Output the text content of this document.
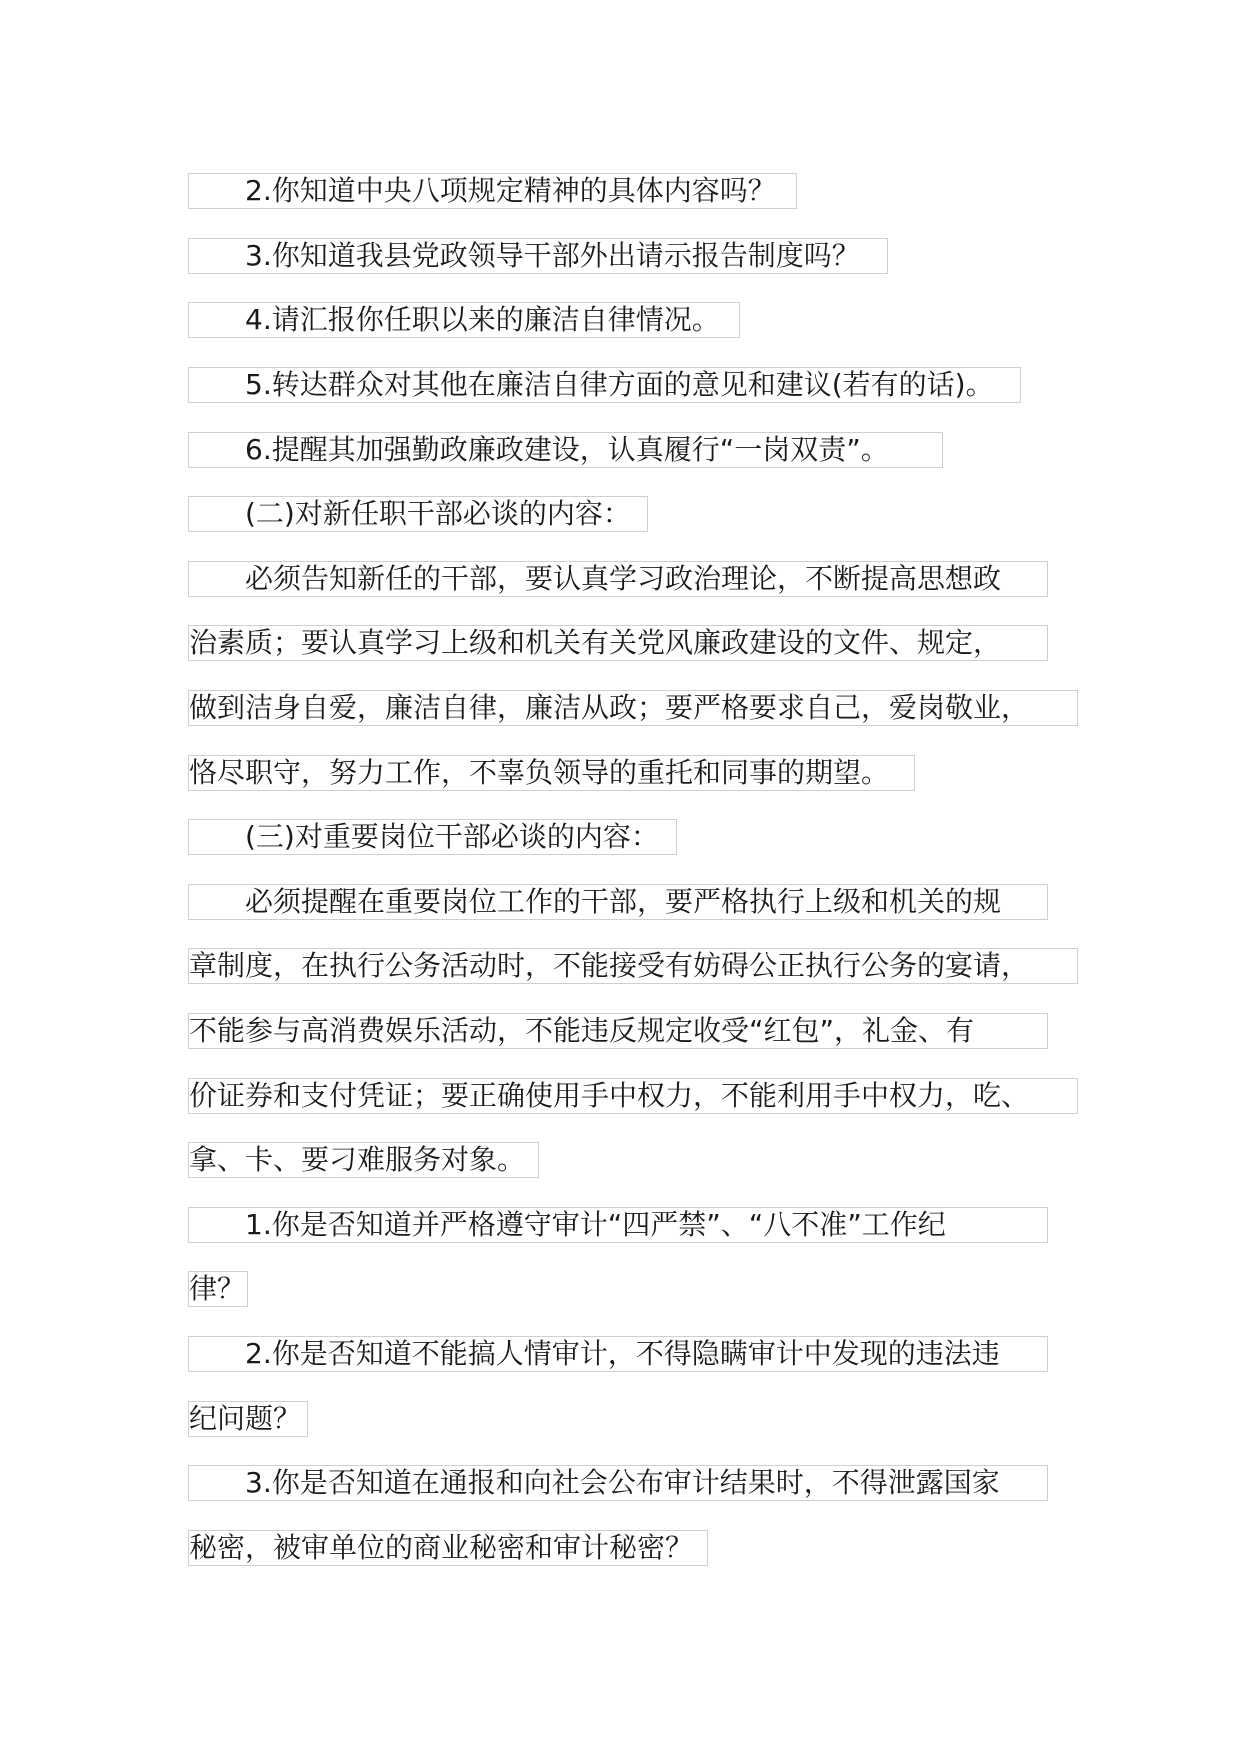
　　2.你知道中央八项规定精神的具体内容吗？
　　3.你知道我县党政领导干部外出请示报告制度吗？
　　4.请汇报你任职以来的廉洁自律情况。
　　5.转达群众对其他在廉洁自律方面的意见和建议(若有的话)。
　　6.提醒其加强勤政廉政建设，认真履行“一岗双责”。
　　(二)对新任职干部必谈的内容：
　　必须告知新任的干部，要认真学习政治理论，不断提高思想政
治素质；要认真学习上级和机关有关党风廉政建设的文件、规定，
做到洁身自爱，廉洁自律，廉洁从政；要严格要求自己，爱岗敬业，
恪尽职守，努力工作，不辜负领导的重托和同事的期望。
　　(三)对重要岗位干部必谈的内容：
　　必须提醒在重要岗位工作的干部，要严格执行上级和机关的规
章制度，在执行公务活动时，不能接受有妨碍公正执行公务的宴请，
不能参与高消费娱乐活动，不能违反规定收受“红包”，礼金、有
价证券和支付凭证；要正确使用手中权力，不能利用手中权力，吃、
拿、卡、要刁难服务对象。
　　1.你是否知道并严格遵守审计“四严禁”、“八不准”工作纪
律？
　　2.你是否知道不能搞人情审计，不得隐瞒审计中发现的违法违
纪问题？
　　3.你是否知道在通报和向社会公布审计结果时，不得泄露国家
秘密，被审单位的商业秘密和审计秘密？
